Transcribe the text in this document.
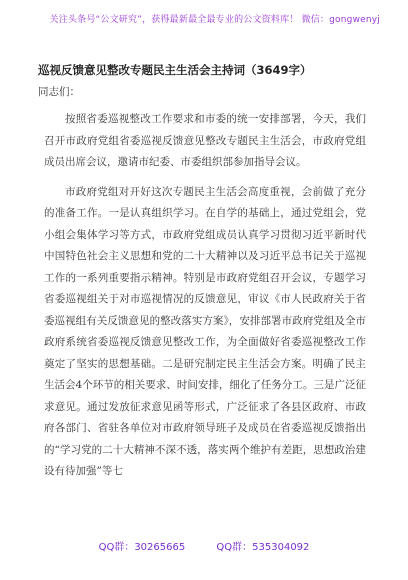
关注头条号“公文研究”，获得最新最全最专业的公文资料库！ 微信：gongwenyj
巡视反馈意见整改专题民主生活会主持词（3649字）
同志们：

按照省委巡视整改工作要求和市委的统一安排部署，今天，我们召开市政府党组省委巡视反馈意见整改专题民主生活会，市政府党组成员出席会议，邀请市纪委、市委组织部参加指导会议。

市政府党组对开好这次专题民主生活会高度重视，会前做了充分的准备工作。一是认真组织学习。在自学的基础上，通过党组会，党小组会集体学习等方式，市政府党组成员认真学习贯彻习近平新时代中国特色社会主义思想和党的二十大精神以及习近平总书记关于巡视工作的一系列重要指示精神。特别是市政府党组召开会议，专题学习省委巡视组关于对市巡视情况的反馈意见，审议《市人民政府关于省委巡视组有关反馈意见的整改落实方案》，安排部署市政府党组及全市政府系统省委巡视反馈意见整改工作，为全面做好省委巡视整改工作奠定了坚实的思想基础。二是研究制定民主生活会方案。明确了民主生活会4个环节的相关要求、时间安排，细化了任务分工。三是广泛征求意见。通过发放征求意见函等形式，广泛征求了各县区政府、市政府各部门、省驻各单位对市政府领导班子及成员在省委巡视反馈指出的“学习党的二十大精神不深不透，落实两个维护有差距，思想政治建设有待加强”等七

QQ群：30265665	QQ群：535304092
